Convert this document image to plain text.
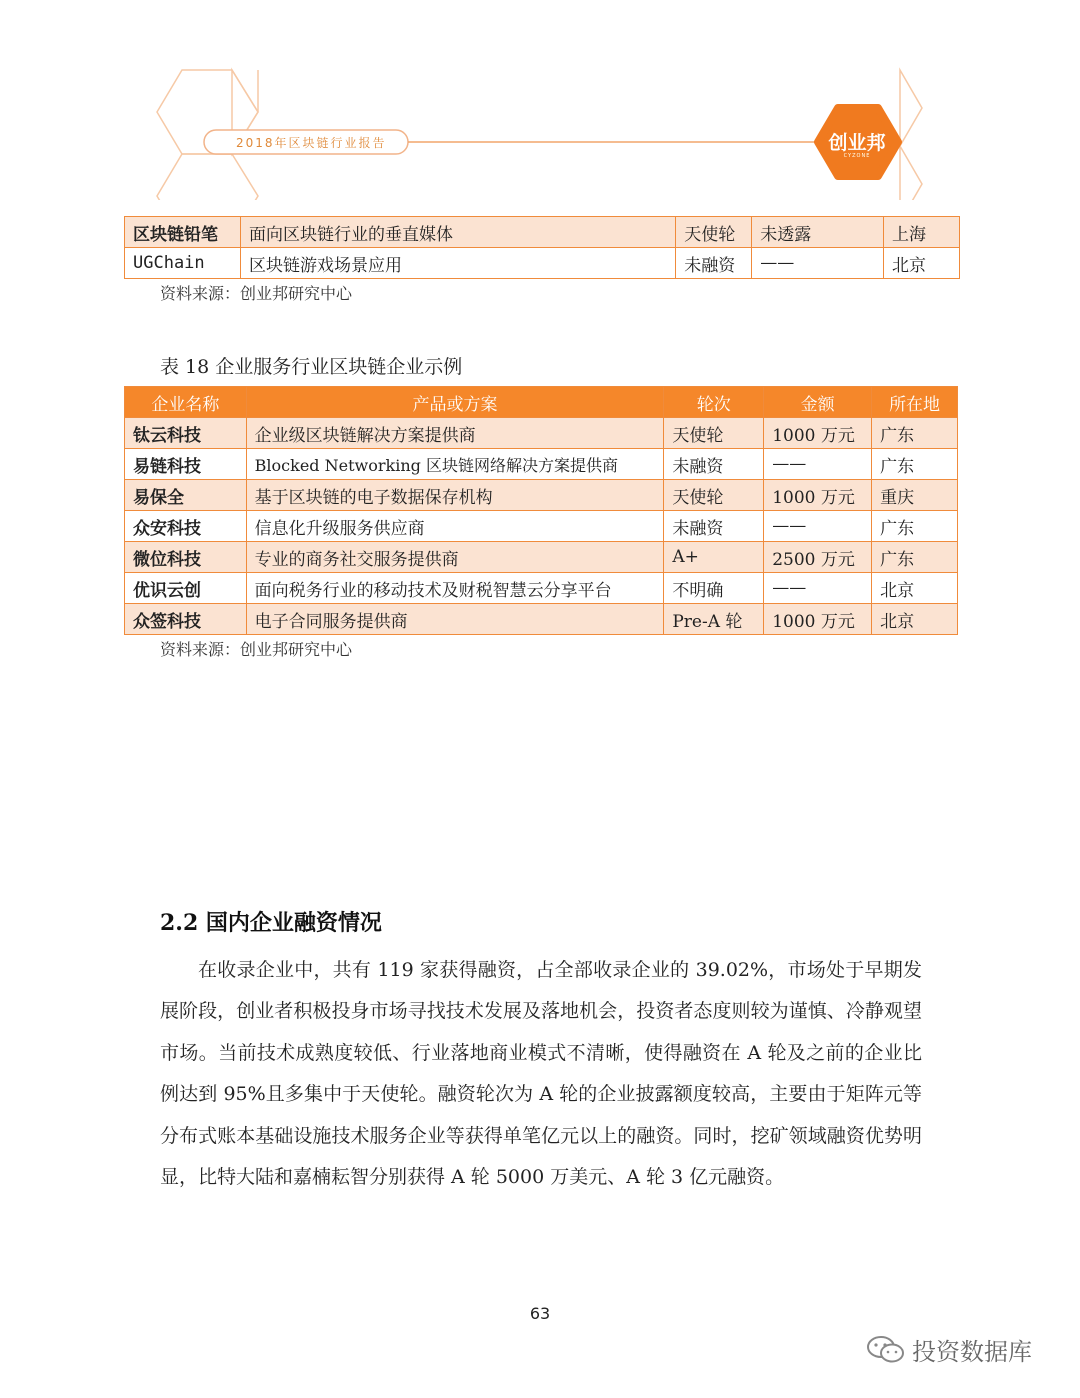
2018年区块链行业报告	创业邦
CYZONE
区块链铅笔	面向区块链行业的垂直媒体	天使轮	未透露	上海
UGChain	区块链游戏场景应用	未融资	——	北京
资料来源：创业邦研究中心
表 18 企业服务行业区块链企业示例
企业名称	产品或方案	轮次	金额	所在地
钛云科技	企业级区块链解决方案提供商	天使轮	1000 万元	广东
易链科技	Blocked Networking 区块链网络解决方案提供商	未融资	——	广东
易保全	基于区块链的电子数据保存机构	天使轮	1000 万元	重庆
众安科技	信息化升级服务供应商	未融资	——	广东
微位科技	专业的商务社交服务提供商	A+	2500 万元	广东
优识云创	面向税务行业的移动技术及财税智慧云分享平台	不明确	——	北京
众签科技	电子合同服务提供商	Pre-A 轮	1000 万元	北京
资料来源：创业邦研究中心
2.2 国内企业融资情况

在收录企业中，共有 119 家获得融资，占全部收录企业的 39.02%，市场处于早期发展阶段，创业者积极投身市场寻找技术发展及落地机会，投资者态度则较为谨慎、冷静观望市场。当前技术成熟度较低、行业落地商业模式不清晰，使得融资在 A 轮及之前的企业比例达到 95%且多集中于天使轮。融资轮次为 A 轮的企业披露额度较高，主要由于矩阵元等分布式账本基础设施技术服务企业等获得单笔亿元以上的融资。同时，挖矿领域融资优势明显，比特大陆和嘉楠耘智分别获得 A 轮 5000 万美元、A 轮 3 亿元融资。

63
投资数据库
